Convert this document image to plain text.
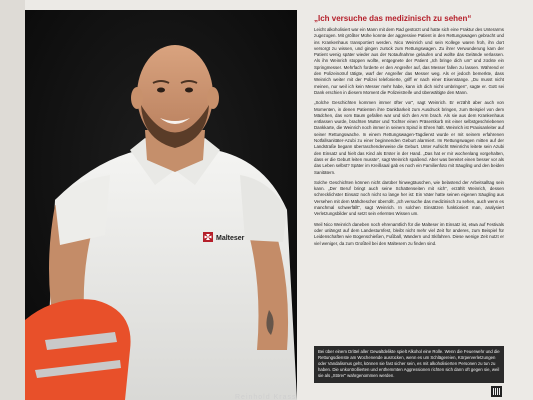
Malteser
Reinhold Krass
„Ich versuche das medizinisch zu sehen“

Leicht alkoholisiert war ein Mann mit dem Rad gestürzt und hatte sich eine Fraktur des Unterarms zugezogen. Mit größter Mühe konnte der aggressive Patient in den Rettungswagen gebracht und ins Krankenhaus transportiert werden. Nico Weinrich und sein Kollege waren froh, ihn dort versorgt zu wissen, und gingen zurück zum Rettungswagen. Zu ihrer Verwunderung kam der Patient wenig später wieder aus der Notaufnahme gelaufen und wollte das Gelände verlassen. Als ihn Weinrich stoppen wollte, entgegnete der Patient „Ich bringe dich um“ und zückte ein Springmesser. Mehrfach forderte er den Angreifer auf, das Messer fallen zu lassen. Während er den Polizeinotruf tätigte, warf der Angreifer das Messer weg. Als er jedoch bemerkte, dass Weinrich weiter mit der Polizei telefonierte, griff er nach einer Eisenstange. „Du musst nicht meinen, nur weil ich kein Messer mehr habe, kann ich dich nicht umbringen“, sagte er. Gott sei Dank erschien in diesem Moment die Polizeistreife und überwältigte den Mann.

„Solche Geschichten kommen immer öfter vor“, sagt Weinrich. Er erzählt aber auch von Momenten, in denen Patienten ihre Dankbarkeit zum Ausdruck bringen, zum Beispiel von dem Mädchen, das vom Baum gefallen war und sich den Arm brach. Als sie aus dem Krankenhaus entlassen wurde, brachten Mutter und Tochter einen Präsentkorb mit einer selbstgeschriebenen Dankkarte, die Weinrich noch immer in seinem Spind in Ehren hält. Weinrich ist Praxisanleiter auf seiner Rettungswache. In einem Rettungswagen-Tagdienst wurde er mit seinem erfahrenen Notfallsanitäter-Azubi zu einer beginnenden Geburt alarmiert. Im Rettungswagen mitten auf der Landstraße begann überraschenderweise die Geburt. Unter Aufsicht Weinrichs leitete sein Azubi den Einsatz und hielt das Kind als Erster in der Hand. „Das hat er mir wochenlang vorgehalten, dass er die Geburt leiten musste“, sagt Weinrich spaßend. Aber was bereitet einen besser vor als das Leben selbst? Später im Kreißsaal gab es noch ein Familienfoto mit Säugling und den beiden Sanitätern.

Solche Geschichten können nicht darüber hinwegtäuschen, wie belastend der Arbeitsalltag sein kann. „Der Beruf bringt auch seine Schattenseiten mit sich“, erzählt Weinrich, dessen schrecklichster Einsatz noch nicht so lange her ist: Ein Vater hatte seinen eigenen Säugling aus Versehen mit dem Mähdrescher überrollt. „Ich versuche das medizinisch zu sehen, auch wenn es manchmal schwerfällt“, sagt Weinrich. In solchen Einsätzen funktioniert man, analysiert Verletzungsbilder und setzt sein erlerntes Wissen um.

Weil Nico Weinrich daneben noch ehrenamtlich für die Malteser im Einsatz ist, etwa auf Festivals oder unlängst auf dem Landesturnfest, bleibt nicht mehr viel Zeit für anderes, zum Beispiel für Leidenschaften wie Bogenschießen, Fußball, Wandern und Skifahren. Diese wenige Zeit nutzt er viel weniger, da zum Großteil bei den Maltesern zu finden sind.

Bei über einem Drittel aller Gewaltdelikte spielt Alkohol eine Rolle. Wenn die Feuerwehr und die Rettungsdienste am Wochenende ausrücken, wenn es um Schlägereien, Körperverletzungen oder Vandalismus geht, können sie fast sicher sein, es mit alkoholisierten Personen zu tun zu haben. Die unkontrollierten und enthemmten Aggressionen richten sich dann oft gegen sie, weil sie als „Störer“ wahrgenommen werden.
